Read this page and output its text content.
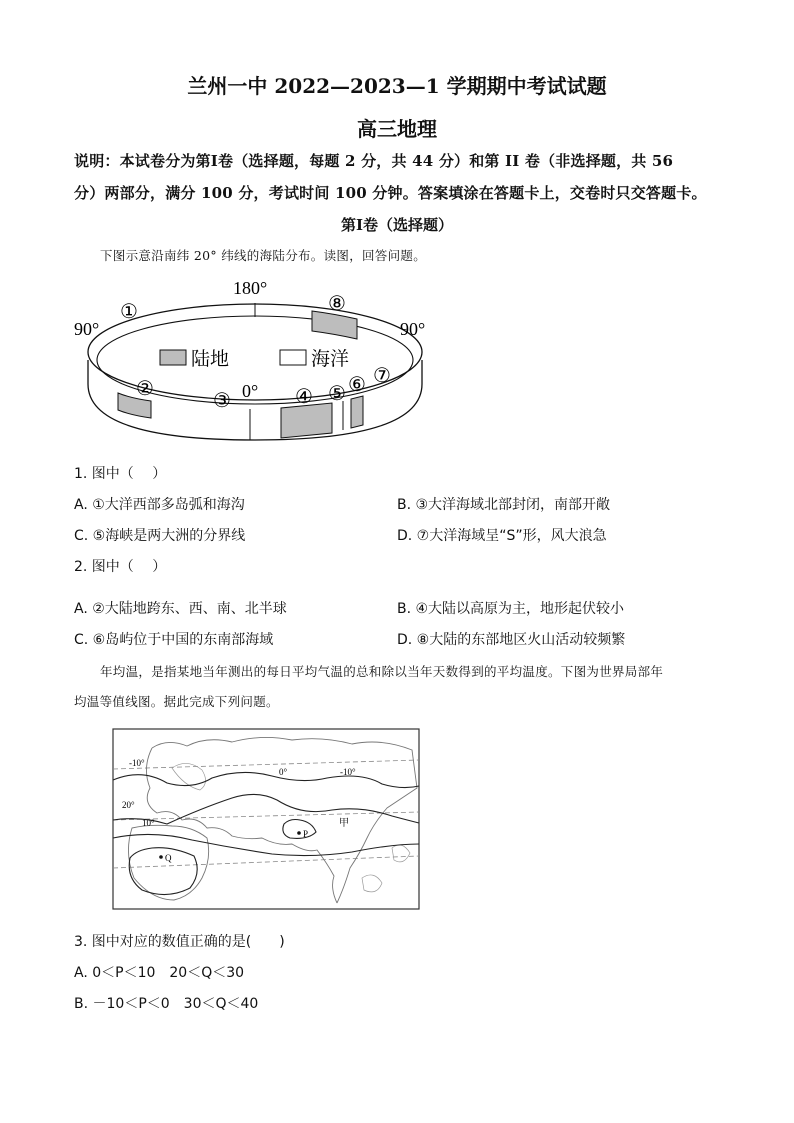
兰州一中 2022—2023—1 学期期中考试试题
高三地理
说明：本试卷分为第Ⅰ卷（选择题，每题 2 分，共 44 分）和第 II 卷（非选择题，共 56
分）两部分，满分 100 分，考试时间 100 分钟。答案填涂在答题卡上，交卷时只交答题卡。
第Ⅰ卷（选择题）
下图示意沿南纬 20° 纬线的海陆分布。读图，回答问题。
陆地	海洋
180°
0°
90°	90°
①
②
③	④ ⑤ ⑥ ⑦
⑧
1. 图中（　 ）
A. ①大洋西部多岛弧和海沟	B. ③大洋海域北部封闭，南部开敞
C. ⑤海峡是两大洲的分界线	D. ⑦大洋海域呈“S”形，风大浪急
2. 图中（　 ）
A. ②大陆地跨东、西、南、北半球	B. ④大陆以高原为主，地形起伏较小
C. ⑥岛屿位于中国的东南部海域	D. ⑧大陆的东部地区火山活动较频繁
年均温，是指某地当年测出的每日平均气温的总和除以当年天数得到的平均温度。下图为世界局部年
均温等值线图。据此完成下列问题。
-10°
0°	-10°
20°
10°
P
Q
甲
3. 图中对应的数值正确的是(　　)
A. 0＜P＜10　20＜Q＜30
B. －10＜P＜0　30＜Q＜40
